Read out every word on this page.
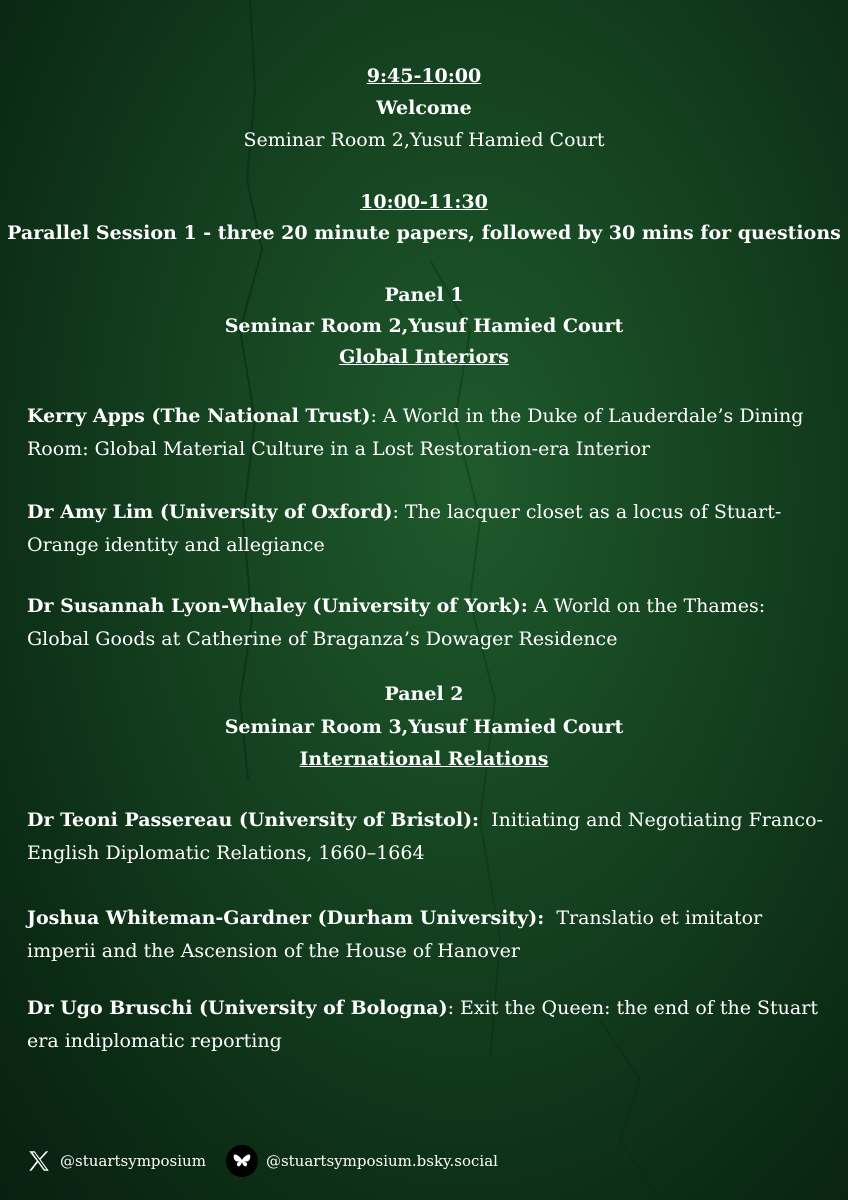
9:45-10:00
Welcome
Seminar Room 2,Yusuf Hamied Court
10:00-11:30
Parallel Session 1 - three 20 minute papers, followed by 30 mins for questions
Panel 1
Seminar Room 2,Yusuf Hamied Court
Global Interiors
Kerry Apps (The National Trust): A World in the Duke of Lauderdale’s Dining Room: Global Material Culture in a Lost Restoration-era Interior
Dr Amy Lim (University of Oxford): The lacquer closet as a locus of Stuart-Orange identity and allegiance
Dr Susannah Lyon-Whaley (University of York): A World on the Thames: Global Goods at Catherine of Braganza’s Dowager Residence
Panel 2
Seminar Room 3,Yusuf Hamied Court
International Relations
Dr Teoni Passereau (University of Bristol):  Initiating and Negotiating Franco-English Diplomatic Relations, 1660–1664
Joshua Whiteman-Gardner (Durham University):  Translatio et imitator imperii and the Ascension of the House of Hanover
Dr Ugo Bruschi (University of Bologna): Exit the Queen: the end of the Stuart era indiplomatic reporting
@stuartsymposium	@stuartsymposium.bsky.social
